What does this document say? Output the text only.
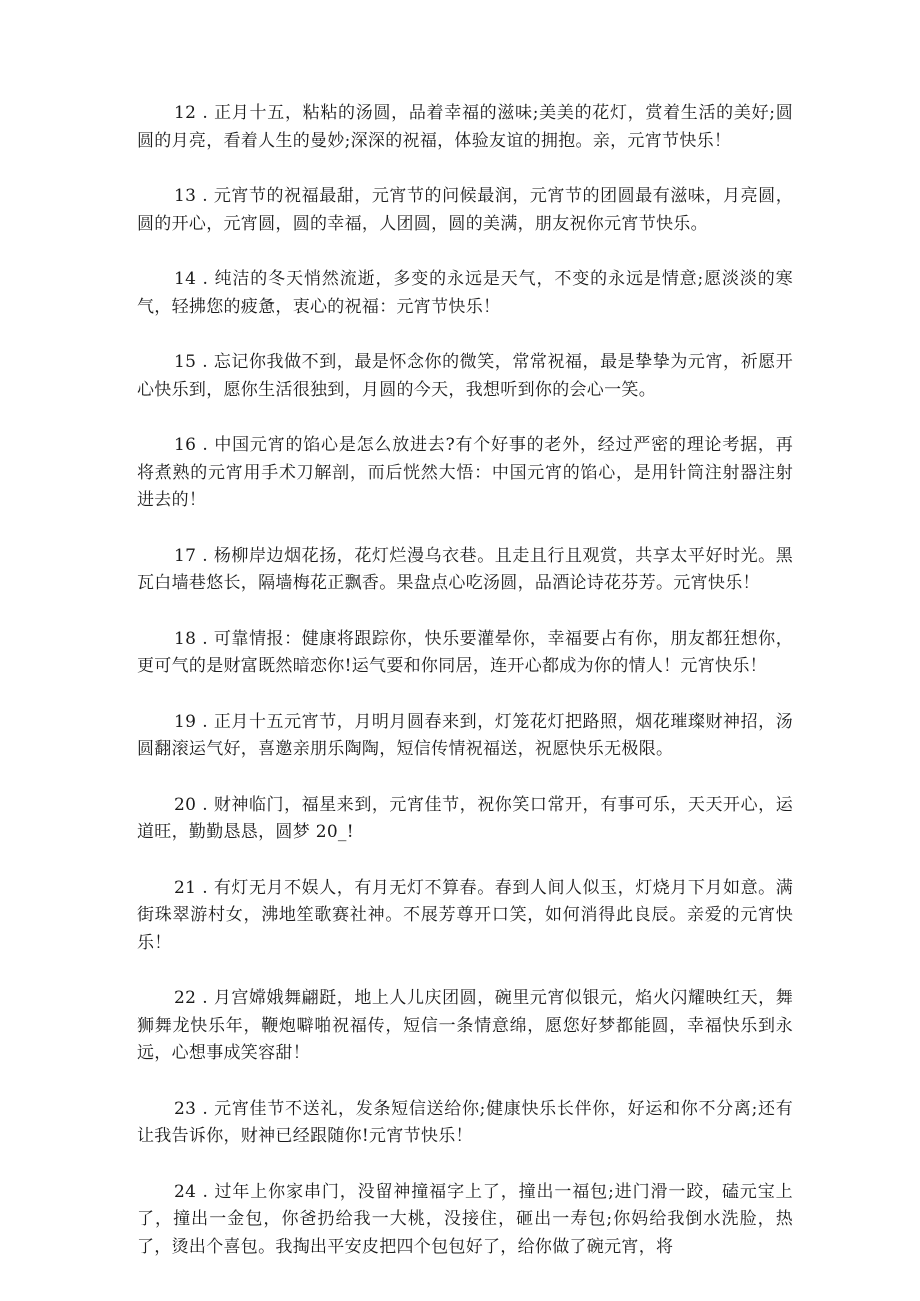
12 . 正月十五，粘粘的汤圆，品着幸福的滋味;美美的花灯，赏着生活的美好;圆圆的月亮，看着人生的曼妙;深深的祝福，体验友谊的拥抱。亲，元宵节快乐！

13 . 元宵节的祝福最甜，元宵节的问候最润，元宵节的团圆最有滋味，月亮圆，圆的开心，元宵圆，圆的幸福，人团圆，圆的美满，朋友祝你元宵节快乐。

14 . 纯洁的冬天悄然流逝，多变的永远是天气，不变的永远是情意;愿淡淡的寒气，轻拂您的疲惫，衷心的祝福：元宵节快乐！

15 . 忘记你我做不到，最是怀念你的微笑，常常祝福，最是挚挚为元宵，祈愿开心快乐到，愿你生活很独到，月圆的今天，我想听到你的会心一笑。

16 . 中国元宵的馅心是怎么放进去?有个好事的老外，经过严密的理论考据，再将煮熟的元宵用手术刀解剖，而后恍然大悟：中国元宵的馅心，是用针筒注射器注射进去的！

17 . 杨柳岸边烟花扬，花灯烂漫乌衣巷。且走且行且观赏，共享太平好时光。黑瓦白墙巷悠长，隔墙梅花正飘香。果盘点心吃汤圆，品酒论诗花芬芳。元宵快乐！

18 . 可靠情报：健康将跟踪你，快乐要灌晕你，幸福要占有你，朋友都狂想你，更可气的是财富既然暗恋你!运气要和你同居，连开心都成为你的情人！元宵快乐！

19 . 正月十五元宵节，月明月圆春来到，灯笼花灯把路照，烟花璀璨财神招，汤圆翻滚运气好，喜邀亲朋乐陶陶，短信传情祝福送，祝愿快乐无极限。

20 . 财神临门，福星来到，元宵佳节，祝你笑口常开，有事可乐，天天开心，运道旺，勤勤恳恳，圆梦 20_!

21 . 有灯无月不娱人，有月无灯不算春。春到人间人似玉，灯烧月下月如意。满街珠翠游村女，沸地笙歌赛社神。不展芳尊开口笑，如何消得此良辰。亲爱的元宵快乐！

22 . 月宫嫦娥舞翩跹，地上人儿庆团圆，碗里元宵似银元，焰火闪耀映红天，舞狮舞龙快乐年，鞭炮噼啪祝福传，短信一条情意绵，愿您好梦都能圆，幸福快乐到永远，心想事成笑容甜！

23 . 元宵佳节不送礼，发条短信送给你;健康快乐长伴你，好运和你不分离;还有让我告诉你，财神已经跟随你!元宵节快乐！

24 . 过年上你家串门，没留神撞福字上了，撞出一福包;进门滑一跤，磕元宝上了，撞出一金包，你爸扔给我一大桃，没接住，砸出一寿包;你妈给我倒水洗脸，热了，烫出个喜包。我掏出平安皮把四个包包好了，给你做了碗元宵，将
